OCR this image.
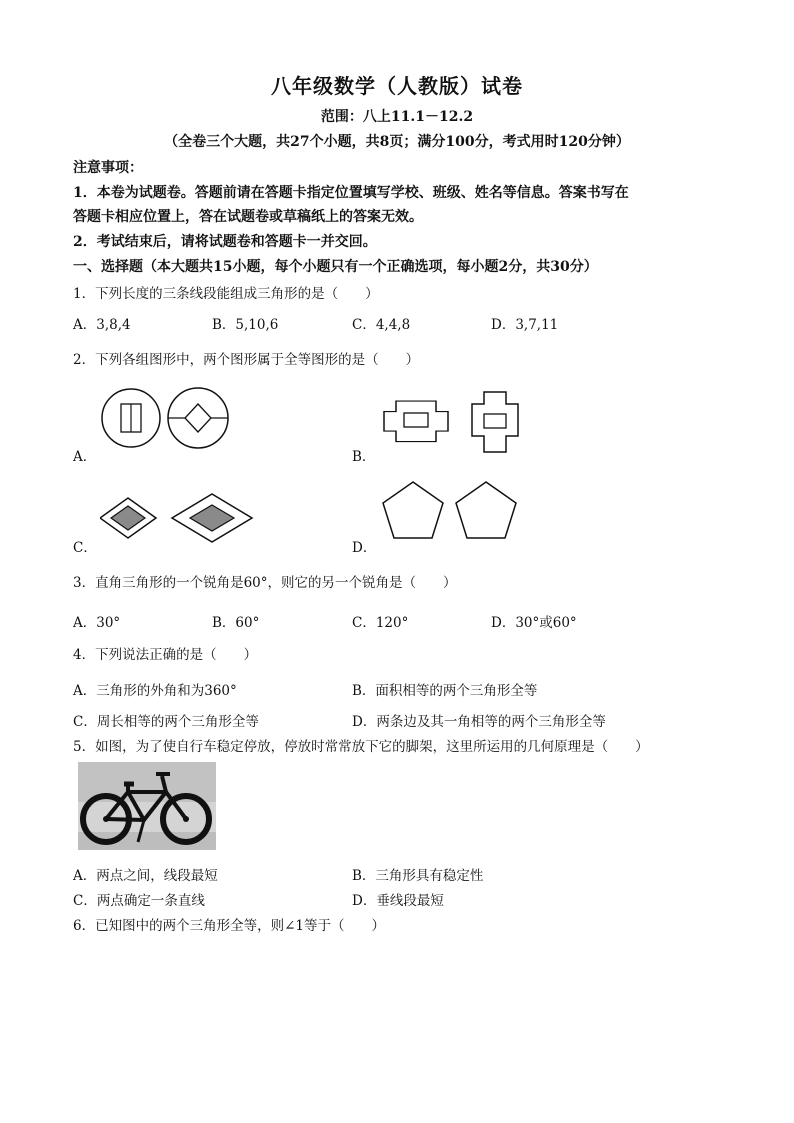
八年级数学（人教版）试卷
范围：八上11.1－12.2
（全卷三个大题，共27个小题，共8页；满分100分，考式用时120分钟）
注意事项：
1．本卷为试题卷。答题前请在答题卡指定位置填写学校、班级、姓名等信息。答案书写在
答题卡相应位置上，答在试题卷或草稿纸上的答案无效。
2．考试结束后，请将试题卷和答题卡一并交回。
一、选择题（本大题共15小题，每个小题只有一个正确选项，每小题2分，共30分）
1．下列长度的三条线段能组成三角形的是（　　）
A．3,8,4	B．5,10,6	C．4,4,8	D．3,7,11
2．下列各组图形中，两个图形属于全等图形的是（　　）
A．	B．
C．	D．
3．直角三角形的一个锐角是60°，则它的另一个锐角是（　　）
A．30°	B．60°	C．120°	D．30°或60°
4．下列说法正确的是（　　）
A．三角形的外角和为360°	B．面积相等的两个三角形全等
C．周长相等的两个三角形全等	D．两条边及其一角相等的两个三角形全等
5．如图，为了使自行车稳定停放，停放时常常放下它的脚架，这里所运用的几何原理是（　　）
A．两点之间，线段最短	B．三角形具有稳定性
C．两点确定一条直线	D．垂线段最短
6．已知图中的两个三角形全等，则∠1等于（　　）
